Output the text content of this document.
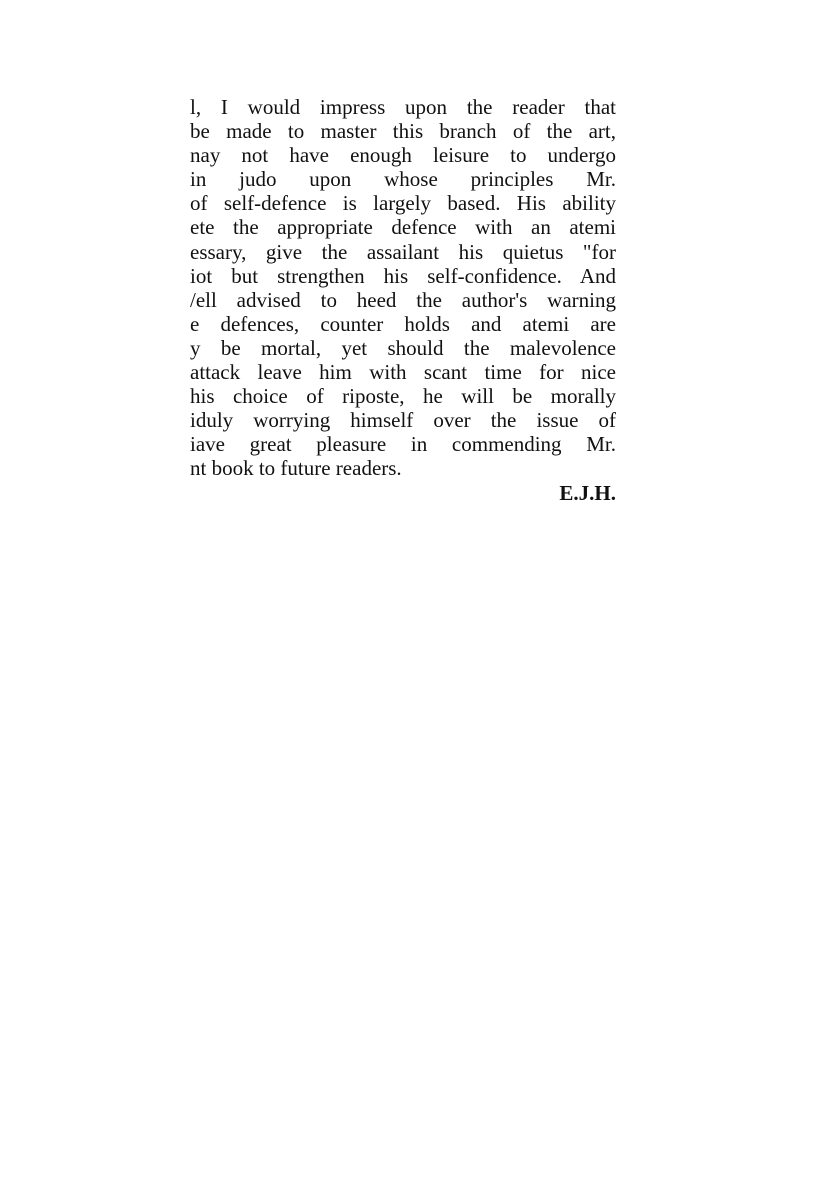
l, I would impress upon the reader that
be made to master this branch of the art,
nay not have enough leisure to undergo
in judo upon whose principles Mr.
of self-defence is largely based. His ability
ete the appropriate defence with an atemi
essary, give the assailant his quietus "for
iot but strengthen his self-confidence. And
/ell advised to heed the author's warning
e defences, counter holds and atemi are
y be mortal, yet should the malevolence
attack leave him with scant time for nice
his choice of riposte, he will be morally
iduly worrying himself over the issue of
iave great pleasure in commending Mr.
nt book to future readers.
E.J.H.
